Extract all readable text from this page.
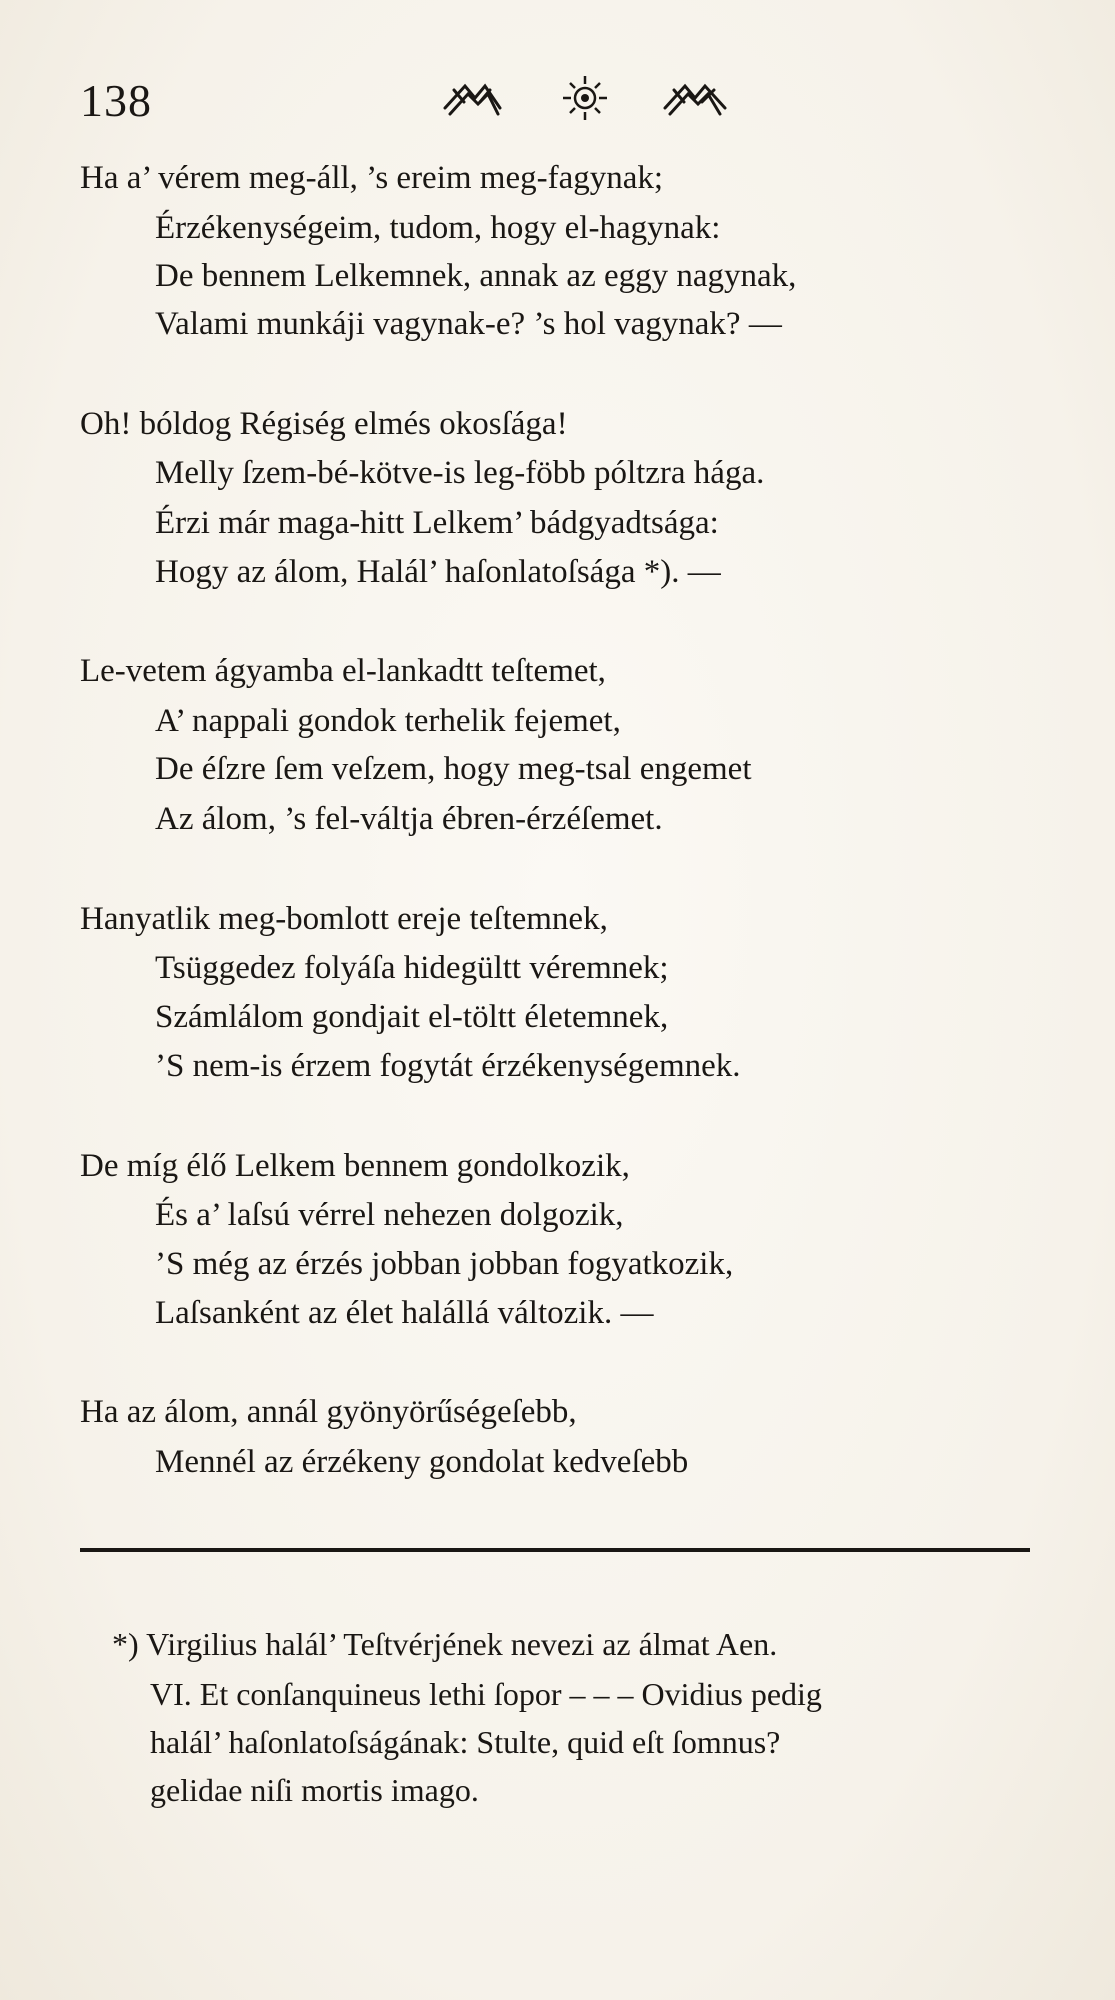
138
Ha a’ vérem meg-áll, ’s ereim meg-fagynak;
Érzékenységeim, tudom, hogy el-hagynak:
De bennem Lelkemnek, annak az eggy nagynak,
Valami munkáji vagynak-e? ’s hol vagynak? —
Oh! bóldog Régiség elmés okosſága!
Melly ſzem-bé-kötve-is leg-föbb póltzra hága.
Érzi már maga-hitt Lelkem’ bádgyadtsága:
Hogy az álom, Halál’ haſonlatoſsága *). —
Le-vetem ágyamba el-lankadtt teſtemet,
A’ nappali gondok terhelik fejemet,
De éſzre ſem veſzem, hogy meg-tsal engemet
Az álom, ’s fel-váltja ébren-érzéſemet.
Hanyatlik meg-bomlott ereje teſtemnek,
Tsüggedez folyáſa hidegültt véremnek;
Számlálom gondjait el-töltt életemnek,
’S nem-is érzem fogytát érzékenységemnek.
De míg élő Lelkem bennem gondolkozik,
És a’ laſsú vérrel nehezen dolgozik,
’S még az érzés jobban jobban fogyatkozik,
Laſsanként az élet halállá változik. —
Ha az álom, annál gyönyörűségeſebb,
Mennél az érzékeny gondolat kedveſebb
*) Virgilius halál’ Teſtvérjének nevezi az álmat Aen.
VI. Et conſanquineus lethi ſopor – – – Ovidius pedig
halál’ haſonlatoſságának: Stulte, quid eſt ſomnus?
gelidae niſi mortis imago.
